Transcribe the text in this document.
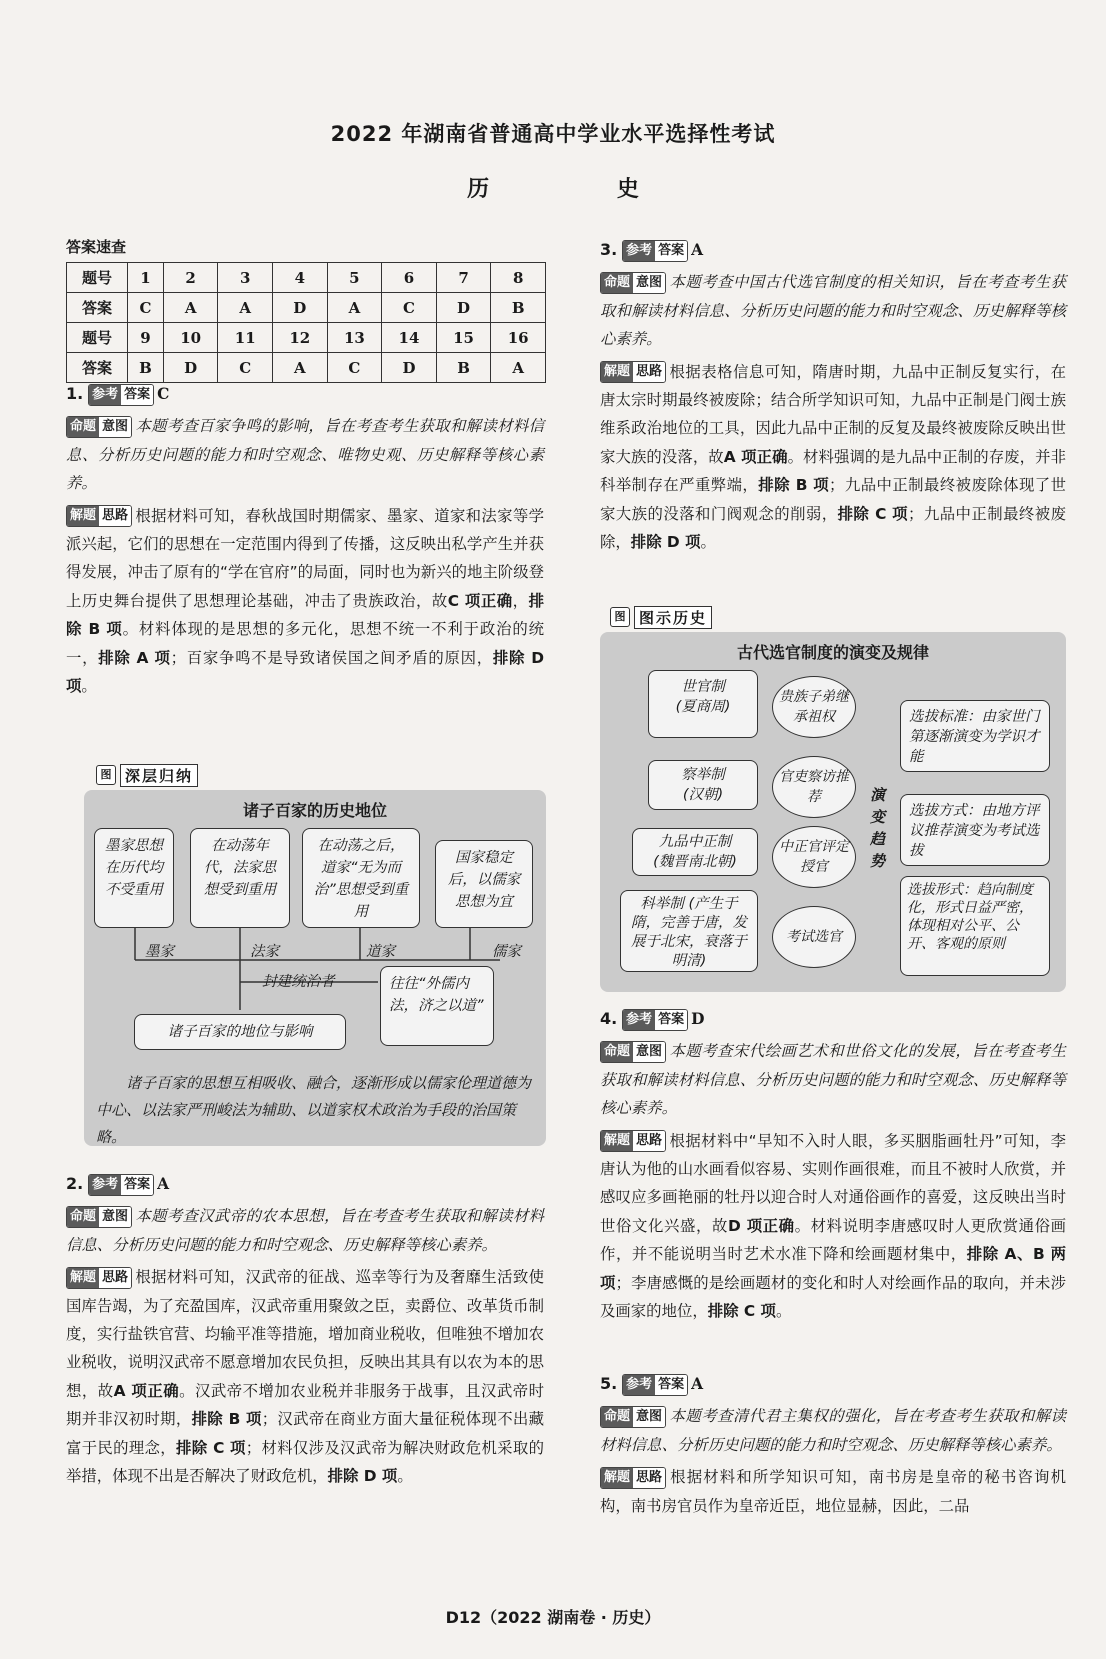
2022 年湖南省普通高中学业水平选择性考试
历 史
答案速查
题号	1	2	3	4	5	6	7	8
答案	C	A	A	D	A	C	D	B
题号	9	10	11	12	13	14	15	16
答案	B	D	C	A	C	D	B	A
1. 参考 答案 C
命题 意图 本题考查百家争鸣的影响，旨在考查考生获取和解读材料信息、分析历史问题的能力和时空观念、唯物史观、历史解释等核心素养。
解题 思路 根据材料可知，春秋战国时期儒家、墨家、道家和法家等学派兴起，它们的思想在一定范围内得到了传播，这反映出私学产生并获得发展，冲击了原有的“学在官府”的局面，同时也为新兴的地主阶级登上历史舞台提供了思想理论基础，冲击了贵族政治，故C 项正确，排除 B 项。材料体现的是思想的多元化，思想不统一不利于政治的统一，排除 A 项；百家争鸣不是导致诸侯国之间矛盾的原因，排除 D 项。
图 深层归纳
诸子百家的历史地位
墨家思想在历代均不受重用
在动荡年代，法家思想受到重用
在动荡之后，道家“无为而治”思想受到重用
国家稳定后，以儒家思想为宜
墨家	法家	道家	儒家
封建统治者	往往“外儒内法，济之以道”
诸子百家的地位与影响
诸子百家的思想互相吸收、融合，逐渐形成以儒家伦理道德为中心、以法家严刑峻法为辅助、以道家权术政治为手段的治国策略。
2. 参考 答案 A
命题 意图 本题考查汉武帝的农本思想，旨在考查考生获取和解读材料信息、分析历史问题的能力和时空观念、历史解释等核心素养。
解题 思路 根据材料可知，汉武帝的征战、巡幸等行为及奢靡生活致使国库告竭，为了充盈国库，汉武帝重用聚敛之臣，卖爵位、改革货币制度，实行盐铁官营、均输平准等措施，增加商业税收，但唯独不增加农业税收，说明汉武帝不愿意增加农民负担，反映出其具有以农为本的思想，故A 项正确。汉武帝不增加农业税并非服务于战事，且汉武帝时期并非汉初时期，排除 B 项；汉武帝在商业方面大量征税体现不出藏富于民的理念，排除 C 项；材料仅涉及汉武帝为解决财政危机采取的举措，体现不出是否解决了财政危机，排除 D 项。
3. 参考 答案 A
命题 意图 本题考查中国古代选官制度的相关知识，旨在考查考生获取和解读材料信息、分析历史问题的能力和时空观念、历史解释等核心素养。
解题 思路 根据表格信息可知，隋唐时期，九品中正制反复实行，在唐太宗时期最终被废除；结合所学知识可知，九品中正制是门阀士族维系政治地位的工具，因此九品中正制的反复及最终被废除反映出世家大族的没落，故A 项正确。材料强调的是九品中正制的存废，并非科举制存在严重弊端，排除 B 项；九品中正制最终被废除体现了世家大族的没落和门阀观念的削弱，排除 C 项；九品中正制最终被废除，排除 D 项。
图 图示历史
古代选官制度的演变及规律
世官制
(夏商周)
察举制
(汉朝)
九品中正制
(魏晋南北朝)
科举制 (产生于隋，完善于唐，发展于北宋，衰落于明清)
贵族子弟继承祖权
官吏察访推荐
中正官评定授官
考试选官
演变趋势
选拔标准：由家世门第逐渐演变为学识才能
选拔方式：由地方评议推荐演变为考试选拔
选拔形式：趋向制度化，形式日益严密，体现相对公平、公开、客观的原则
4. 参考 答案 D
命题 意图 本题考查宋代绘画艺术和世俗文化的发展，旨在考查考生获取和解读材料信息、分析历史问题的能力和时空观念、历史解释等核心素养。
解题 思路 根据材料中“早知不入时人眼，多买胭脂画牡丹”可知，李唐认为他的山水画看似容易、实则作画很难，而且不被时人欣赏，并感叹应多画艳丽的牡丹以迎合时人对通俗画作的喜爱，这反映出当时世俗文化兴盛，故D 项正确。材料说明李唐感叹时人更欣赏通俗画作，并不能说明当时艺术水准下降和绘画题材集中，排除 A、B 两项；李唐感慨的是绘画题材的变化和时人对绘画作品的取向，并未涉及画家的地位，排除 C 项。
5. 参考 答案 A
命题 意图 本题考查清代君主集权的强化，旨在考查考生获取和解读材料信息、分析历史问题的能力和时空观念、历史解释等核心素养。
解题 思路 根据材料和所学知识可知，南书房是皇帝的秘书咨询机构，南书房官员作为皇帝近臣，地位显赫，因此，二品
D12（2022 湖南卷 · 历史）
